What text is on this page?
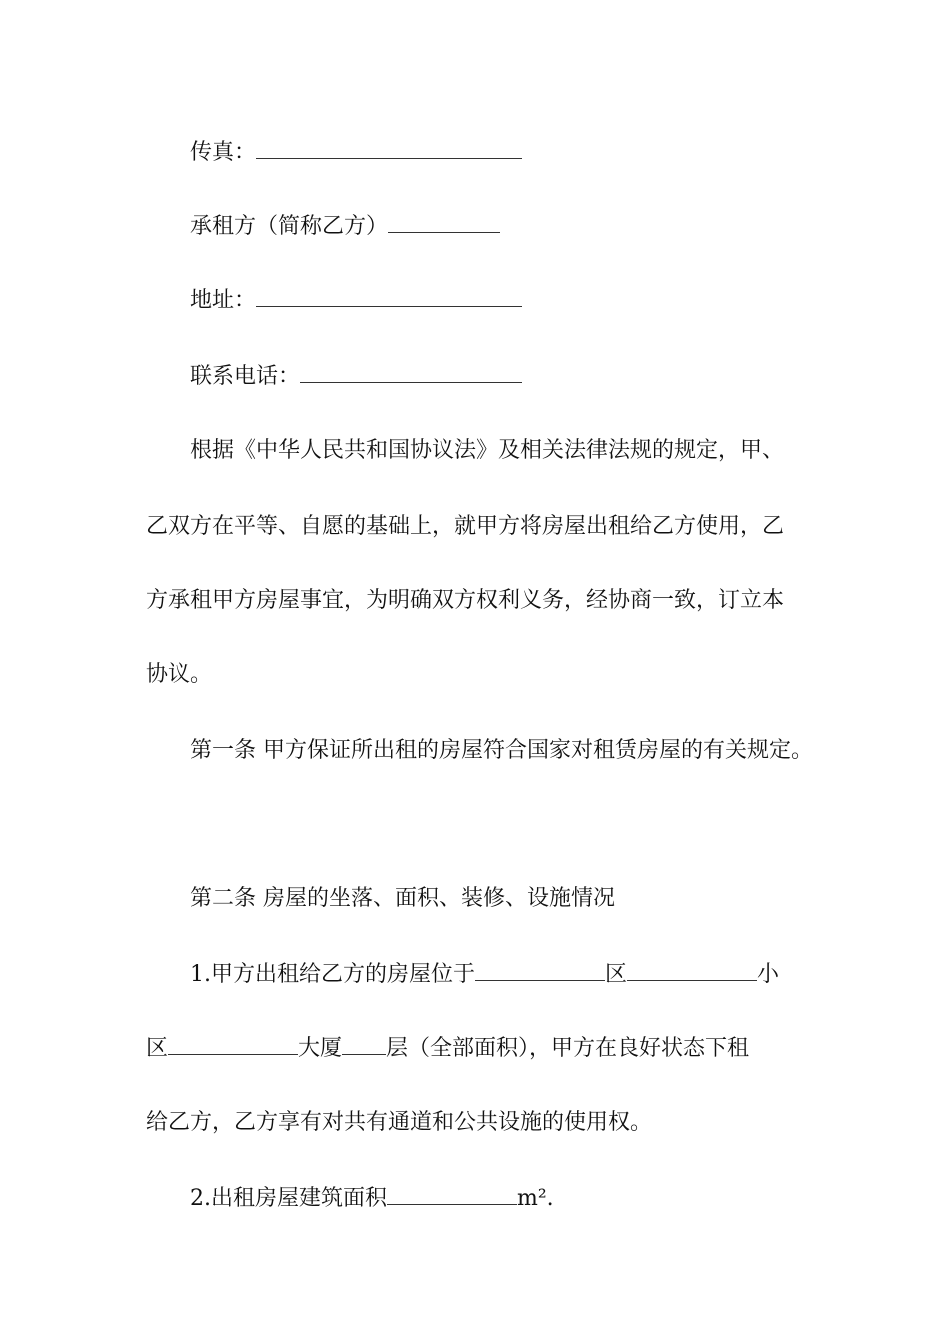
传真：
承租方（简称乙方）
地址：
联系电话：
根据《中华人民共和国协议法》及相关法律法规的规定，甲、
乙双方在平等、自愿的基础上，就甲方将房屋出租给乙方使用，乙
方承租甲方房屋事宜，为明确双方权利义务，经协商一致，订立本
协议。
第一条 甲方保证所出租的房屋符合国家对租赁房屋的有关规定。
第二条 房屋的坐落、面积、装修、设施情况
1.甲方出租给乙方的房屋位于	区	小
区	大厦 层（全部面积），甲方在良好状态下租
给乙方，乙方享有对共有通道和公共设施的使用权。
2.出租房屋建筑面积	m².
